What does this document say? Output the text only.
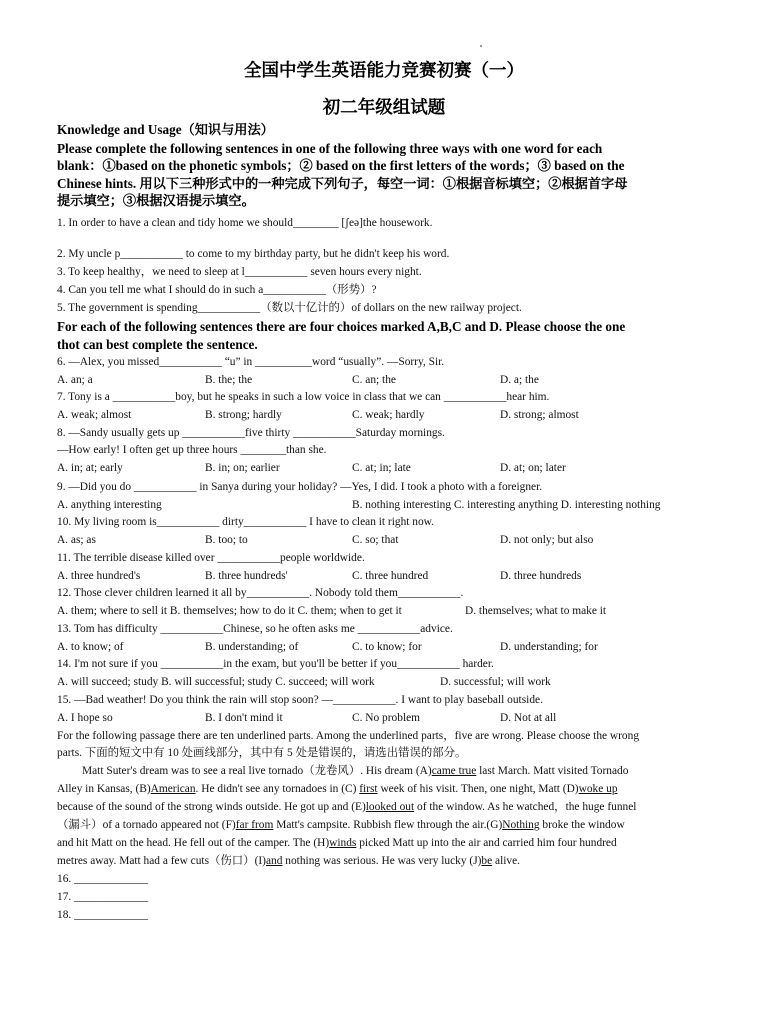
全国中学生英语能力竞赛初赛（一）
初二年级组试题
Knowledge and Usage（知识与用法）
Please complete the following sentences in one of the following three ways with one word for each
blank：①based on the phonetic symbols；② based on the first letters of the words；③ based on the
Chinese hints. 用以下三种形式中的一种完成下列句子，每空一词：①根据音标填空；②根据首字母
提示填空；③根据汉语提示填空。
1. In order to have a clean and tidy home we should________ [ʃeə]the housework.
2. My uncle p___________ to come to my birthday party, but he didn't keep his word.
3. To keep healthy，we need to sleep at l___________ seven hours every night.
4. Can you tell me what I should do in such a___________（形势）?
5. The government is spending___________（数以十亿计的）of dollars on the new railway project.
For each of the following sentences there are four choices marked A,B,C and D. Please choose the one
thot can best complete the sentence.
6. —Alex, you missed___________ “u” in __________word “usually”. —Sorry, Sir.
A. an; a	B. the; the	C. an; the	D. a; the
7. Tony is a ___________boy, but he speaks in such a low voice in class that we can ___________hear him.
A. weak; almost	B. strong; hardly	C. weak; hardly	D. strong; almost
8. —Sandy usually gets up ___________five thirty ___________Saturday mornings.
—How early! I often get up three hours ________than she.
A. in; at; early	B. in; on; earlier	C. at; in; late	D. at; on; later
9. —Did you do ___________ in Sanya during your holiday? —Yes, I did. I took a photo with a foreigner.
A. anything interesting	B. nothing interesting C. interesting anything D. interesting nothing
10. My living room is___________ dirty___________ I have to clean it right now.
A. as; as	B. too; to	C. so; that	D. not only; but also
11. The terrible disease killed over ___________people worldwide.
A. three hundred's	B. three hundreds'	C. three hundred	D. three hundreds
12. Those clever children learned it all by___________. Nobody told them___________.
A. them; where to sell it B. themselves; how to do it C. them; when to get it	D. themselves; what to make it
13. Tom has difficulty ___________Chinese, so he often asks me ___________advice.
A. to know; of	B. understanding; of	C. to know; for	D. understanding; for
14. I'm not sure if you ___________in the exam, but you'll be better if you___________ harder.
A. will succeed; study B. will successful; study C. succeed; will work	D. successful; will work
15. —Bad weather! Do you think the rain will stop soon? —___________. I want to play baseball outside.
A. I hope so	B. I don't mind it	C. No problem	D. Not at all
For the following passage there are ten underlined parts. Among the underlined parts，five are wrong. Please choose the wrong
parts. 下面的短文中有 10 处画线部分，其中有 5 处是错误的，请选出错误的部分。
Matt Suter's dream was to see a real live tornado（龙卷风）. His dream (A)came true last March. Matt visited Tornado
Alley in Kansas, (B)American. He didn't see any tornadoes in (C) first week of his visit. Then, one night, Matt (D)woke up
because of the sound of the strong winds outside. He got up and (E)looked out of the window. As he watched，the huge funnel
（漏斗）of a tornado appeared not (F)far from Matt's campsite. Rubbish flew through the air.(G)Nothing broke the window
and hit Matt on the head. He fell out of the camper. The (H)winds picked Matt up into the air and carried him four hundred
metres away. Matt had a few cuts（伤口）(I)and nothing was serious. He was very lucky (J)be alive.
16. _____________
17. _____________
18. _____________
